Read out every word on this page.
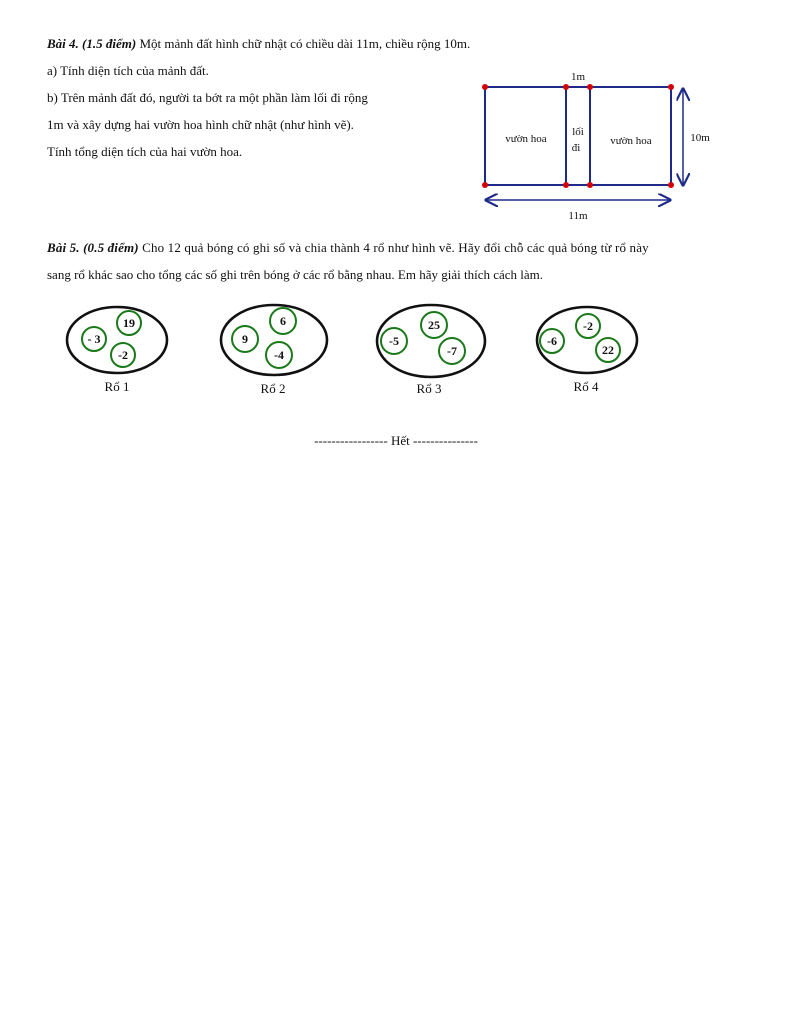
Bài 4. (1.5 điểm) Một mảnh đất hình chữ nhật có chiều dài 11m, chiều rộng 10m.
a) Tính diện tích của mảnh đất.
b) Trên mảnh đất đó, người ta bớt ra một phần làm lối đi rộng
1m và xây dựng hai vườn hoa hình chữ nhật (như hình vẽ).
Tính tổng diện tích của hai vườn hoa.
1m
vườn hoa
lối
đi
vườn hoa	10m
11m
19
- 3
-2
6
9
-4
25
-5
-7
-2
-6
22
Rổ 1	Rổ 2	Rổ 3	Rổ 4
Bài 5. (0.5 điểm) Cho 12 quả bóng có ghi số và chia thành 4 rổ như hình vẽ. Hãy đổi chỗ các quả bóng từ rổ này
sang rổ khác sao cho tổng các số ghi trên bóng ở các rổ bằng nhau. Em hãy giải thích cách làm.
----------------- Hết ---------------
